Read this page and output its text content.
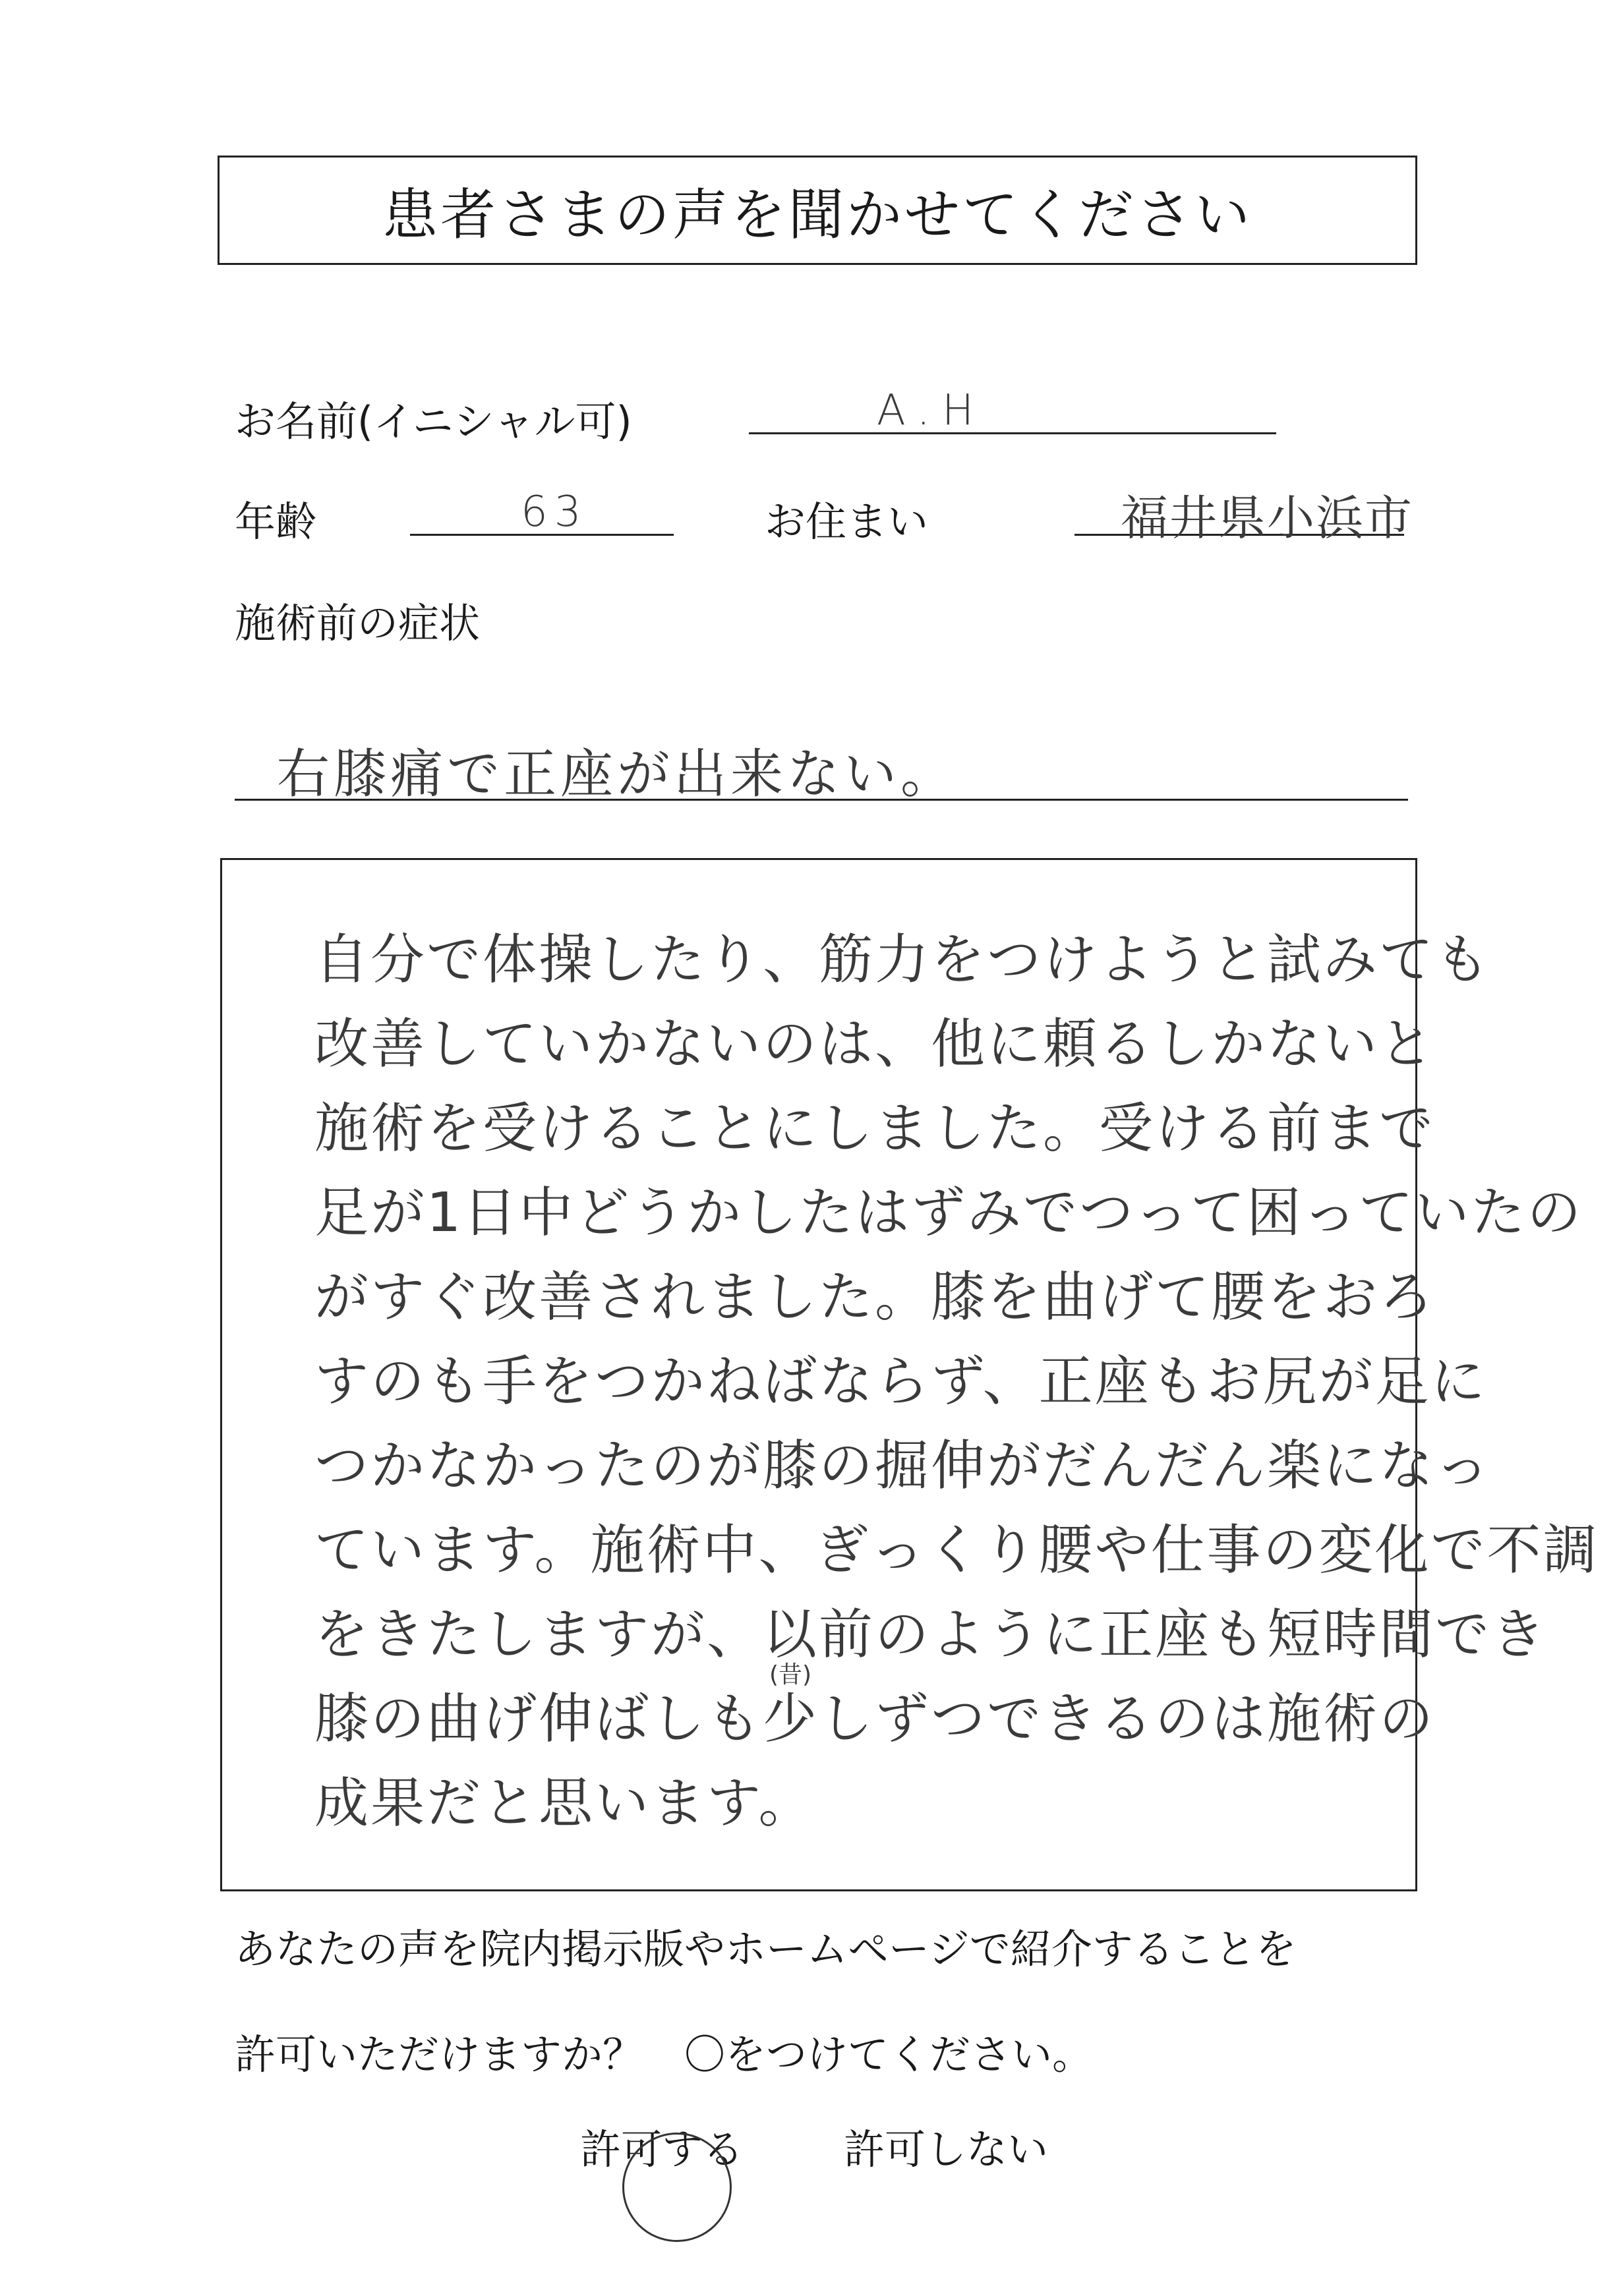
患者さまの声を聞かせてください
お名前(イニシャル可)	A.H
年齢	63	お住まい	福井県小浜市
施術前の症状
右膝痛で正座が出来ない。
自分で体操したり、筋力をつけようと試みても
改善していかないのは、他に頼るしかないと
施術を受けることにしました。受ける前まで
足が1日中どうかしたはずみでつって困っていたの
がすぐ改善されました。膝を曲げて腰をおろ
すのも手をつかねばならず、正座もお尻が足に
つかなかったのが膝の掘伸がだんだん楽になっ
ています。施術中、ぎっくり腰や仕事の変化で不調
をきたしますが、以前のように正座も短時間でき
(昔)
膝の曲げ伸ばしも少しずつできるのは施術の
成果だと思います。
あなたの声を院内掲示版やホームページで紹介することを
許可いただけますか？　〇をつけてください。
許可する 許可しない
